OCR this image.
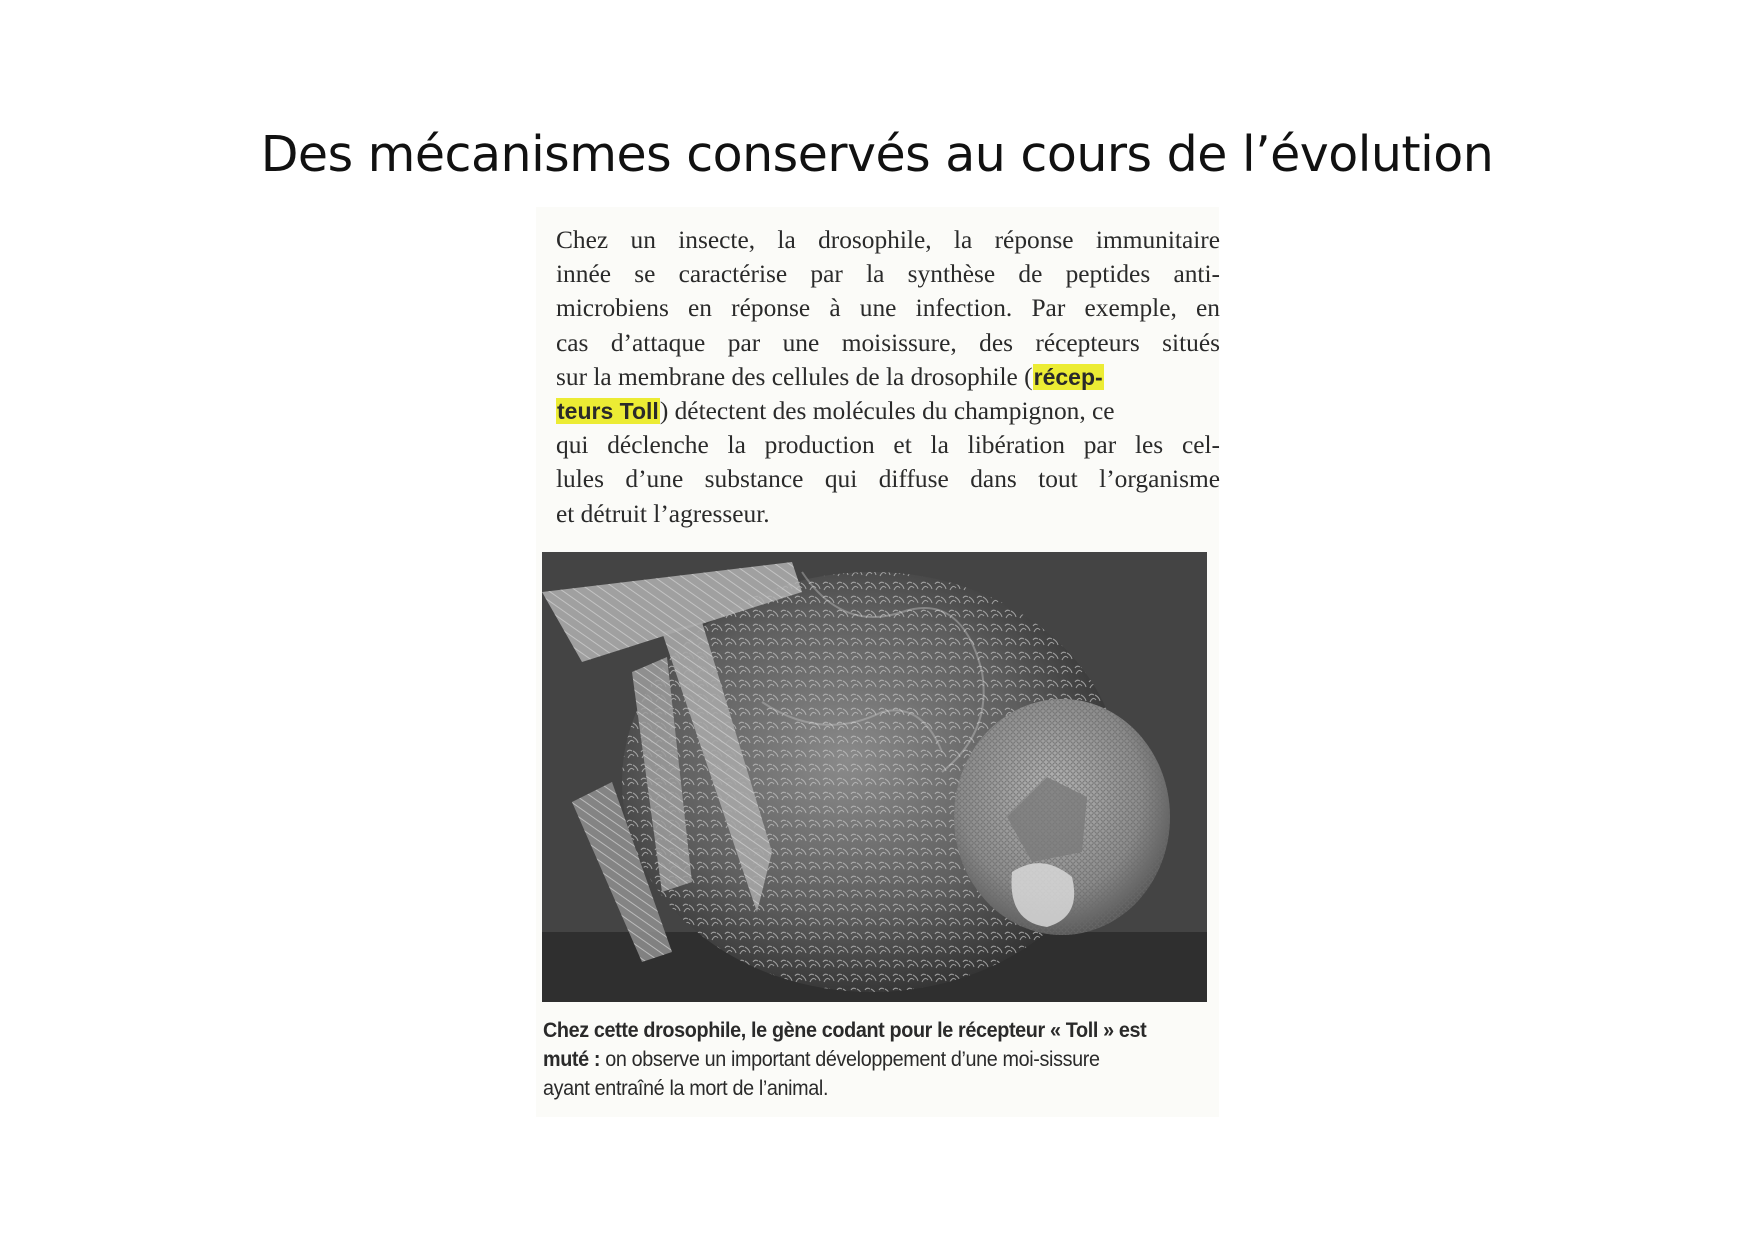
Des mécanismes conservés au cours de l’évolution

Chez un insecte, la drosophile, la réponse immunitaire
innée se caractérise par la synthèse de peptides anti-
microbiens en réponse à une infection. Par exemple, en
cas d’attaque par une moisissure, des récepteurs situés
sur la membrane des cellules de la drosophile (récep-
teurs Toll) détectent des molécules du champignon, ce
qui déclenche la production et la libération par les cel-
lules d’une substance qui diffuse dans tout l’organisme
et détruit l’agresseur.

Chez cette drosophile, le gène codant pour le récepteur « Toll » est muté : on observe un important développement d’une moi-sissure ayant entraîné la mort de l’animal.
